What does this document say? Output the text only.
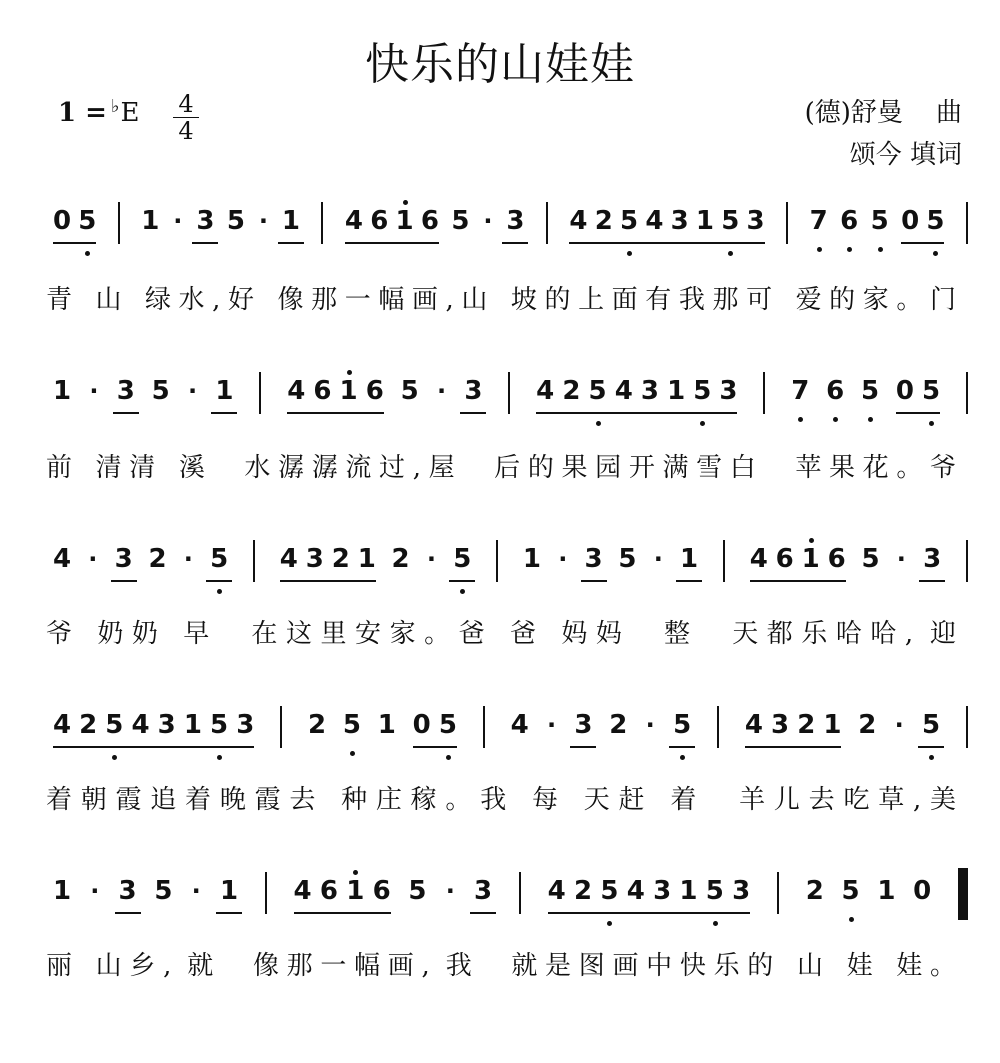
快乐的山娃娃
$1 = ^♭E \frac{4}{4}$	(德)舒曼    曲
颂今 填词
0 5 1 · 3 5 · 1 4 6 1 6 5 · 3 4 2 5 4 3 1 5 3 7 6 5 0 5
青 山 绿水,好 像那一幅画,山 坡的上面有我那可 爱的家。门
1 · 3 5 · 1 4 6 1 6 5 · 3 4 2 5 4 3 1 5 3 7 6 5 0 5
前 清清 溪  水潺潺流过,屋  后的果园开满雪白  苹果花。爷
4 · 3 2 · 5 4 3 2 1 2 · 5 1 · 3 5 · 1 4 6 1 6 5 · 3
爷 奶奶 早  在这里安家。爸 爸 妈妈  整  天都乐哈哈, 迎
4 2 5 4 3 1 5 3 2 5 1 0 5 4 · 3 2 · 5 4 3 2 1 2 · 5
着朝霞追着晚霞去 种庄稼。我 每 天赶 着  羊儿去吃草,美
1 · 3 5 · 1 4 6 1 6 5 · 3 4 2 5 4 3 1 5 3 2 5 1 0
丽 山乡, 就  像那一幅画, 我  就是图画中快乐的 山 娃 娃。
